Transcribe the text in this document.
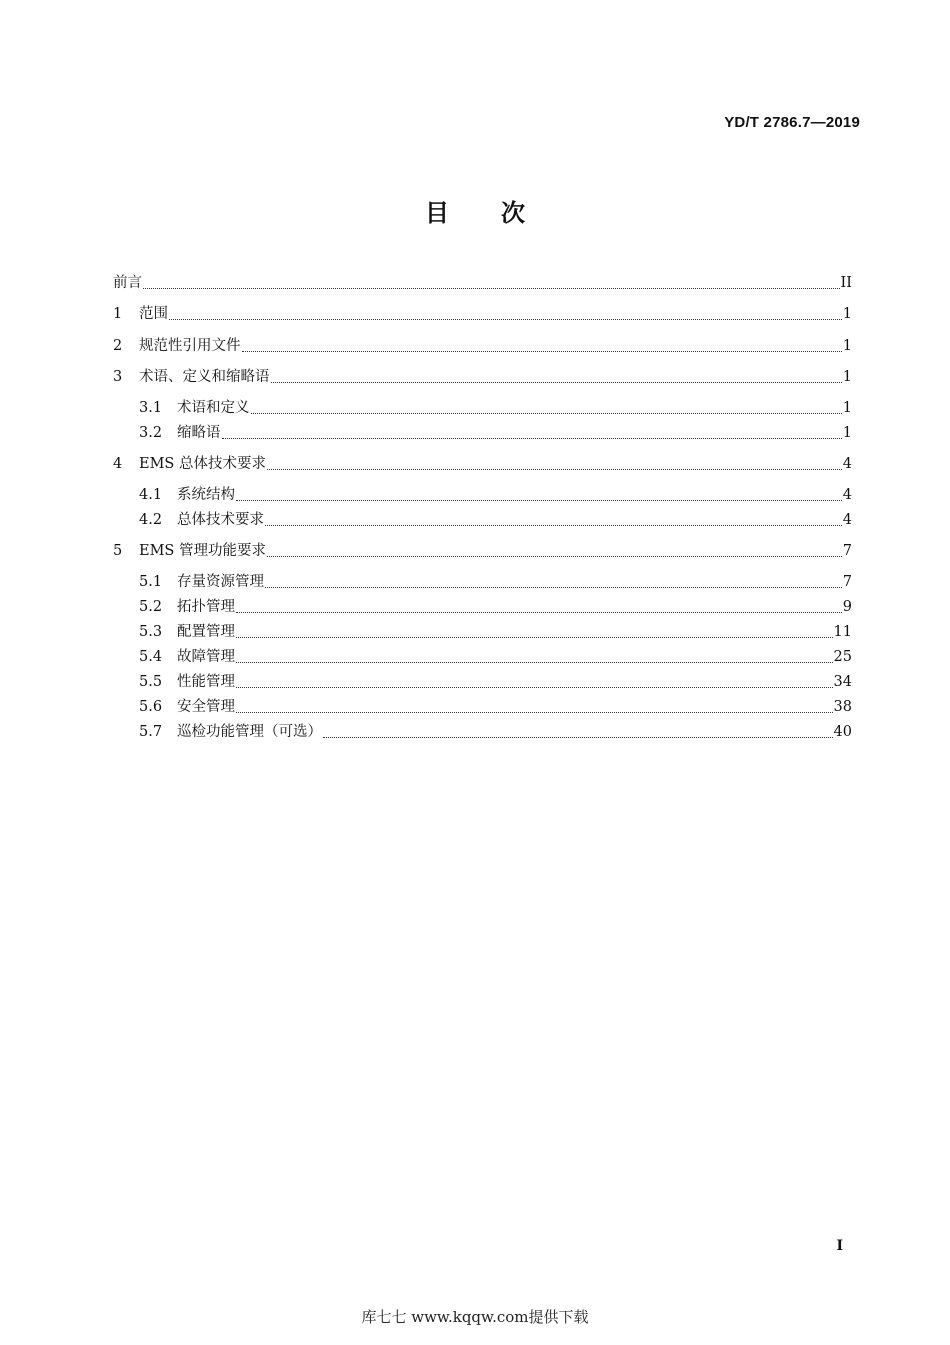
YD/T 2786.7—2019
目次
前言	II
1	范围	1
2	规范性引用文件	1
3	术语、定义和缩略语	1
3.1	术语和定义	1
3.2	缩略语	1
4	EMS 总体技术要求	4
4.1	系统结构	4
4.2	总体技术要求	4
5	EMS 管理功能要求	7
5.1	存量资源管理	7
5.2	拓扑管理	9
5.3	配置管理	11
5.4	故障管理	25
5.5	性能管理	34
5.6	安全管理	38
5.7	巡检功能管理（可选）	40
I
库七七 www.kqqw.com提供下载
